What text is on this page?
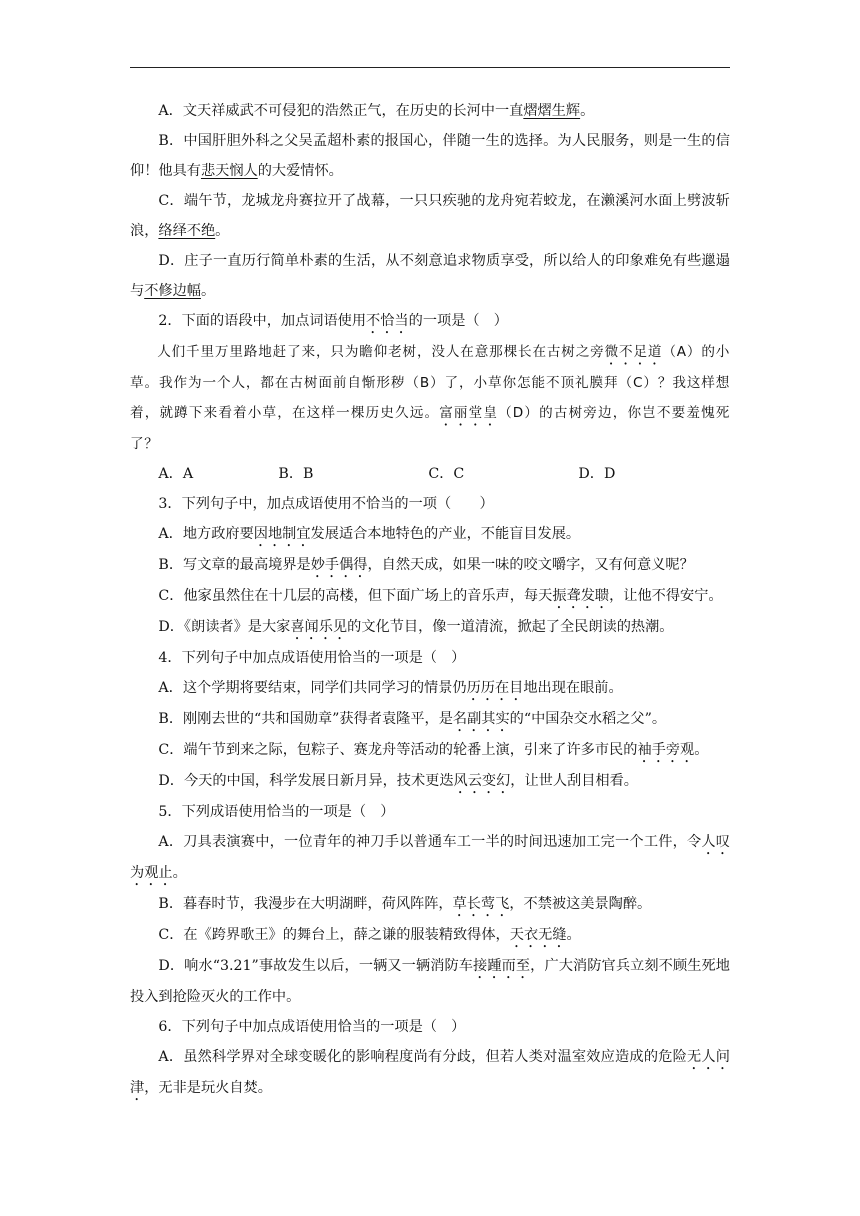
A．文天祥威武不可侵犯的浩然正气，在历史的长河中一直熠熠生辉。

B．中国肝胆外科之父吴孟超朴素的报国心，伴随一生的选择。为人民服务，则是一生的信仰！他具有悲天悯人的大爱情怀。

C．端午节，龙城龙舟赛拉开了战幕，一只只疾驰的龙舟宛若蛟龙，在濑溪河水面上劈波斩浪，络绎不绝。

D．庄子一直历行简单朴素的生活，从不刻意追求物质享受，所以给人的印象难免有些邋遢与不修边幅。

2．下面的语段中，加点词语使用不恰当的一项是（　）

人们千里万里路地赶了来，只为瞻仰老树，没人在意那棵长在古树之旁微不足道（A）的小草。我作为一个人，都在古树面前自惭形秽（B）了，小草你怎能不顶礼膜拜（C）？我这样想着，就蹲下来看着小草，在这样一棵历史久远。富丽堂皇（D）的古树旁边，你岂不要羞愧死了？

A．A	B．B	C．C	D．D

3．下列句子中，加点成语使用不恰当的一项（　　）

A．地方政府要因地制宜发展适合本地特色的产业，不能盲目发展。

B．写文章的最高境界是妙手偶得，自然天成，如果一味的咬文嚼字，又有何意义呢？

C．他家虽然住在十几层的高楼，但下面广场上的音乐声，每天振聋发聩，让他不得安宁。

D．《朗读者》是大家喜闻乐见的文化节目，像一道清流，掀起了全民朗读的热潮。

4．下列句子中加点成语使用恰当的一项是（　）

A．这个学期将要结束，同学们共同学习的情景仍历历在目地出现在眼前。

B．刚刚去世的“共和国勋章”获得者袁隆平，是名副其实的“中国杂交水稻之父”。

C．端午节到来之际，包粽子、赛龙舟等活动的轮番上演，引来了许多市民的袖手旁观。

D．今天的中国，科学发展日新月异，技术更迭风云变幻，让世人刮目相看。

5．下列成语使用恰当的一项是（　）

A．刀具表演赛中，一位青年的神刀手以普通车工一半的时间迅速加工完一个工件，令人叹为观止。

B．暮春时节，我漫步在大明湖畔，荷风阵阵，草长莺飞，不禁被这美景陶醉。

C．在《跨界歌王》的舞台上，薛之谦的服装精致得体，天衣无缝。

D．响水“3.21”事故发生以后，一辆又一辆消防车接踵而至，广大消防官兵立刻不顾生死地投入到抢险灭火的工作中。

6．下列句子中加点成语使用恰当的一项是（　）

A．虽然科学界对全球变暖化的影响程度尚有分歧，但若人类对温室效应造成的危险无人问津，无非是玩火自焚。
